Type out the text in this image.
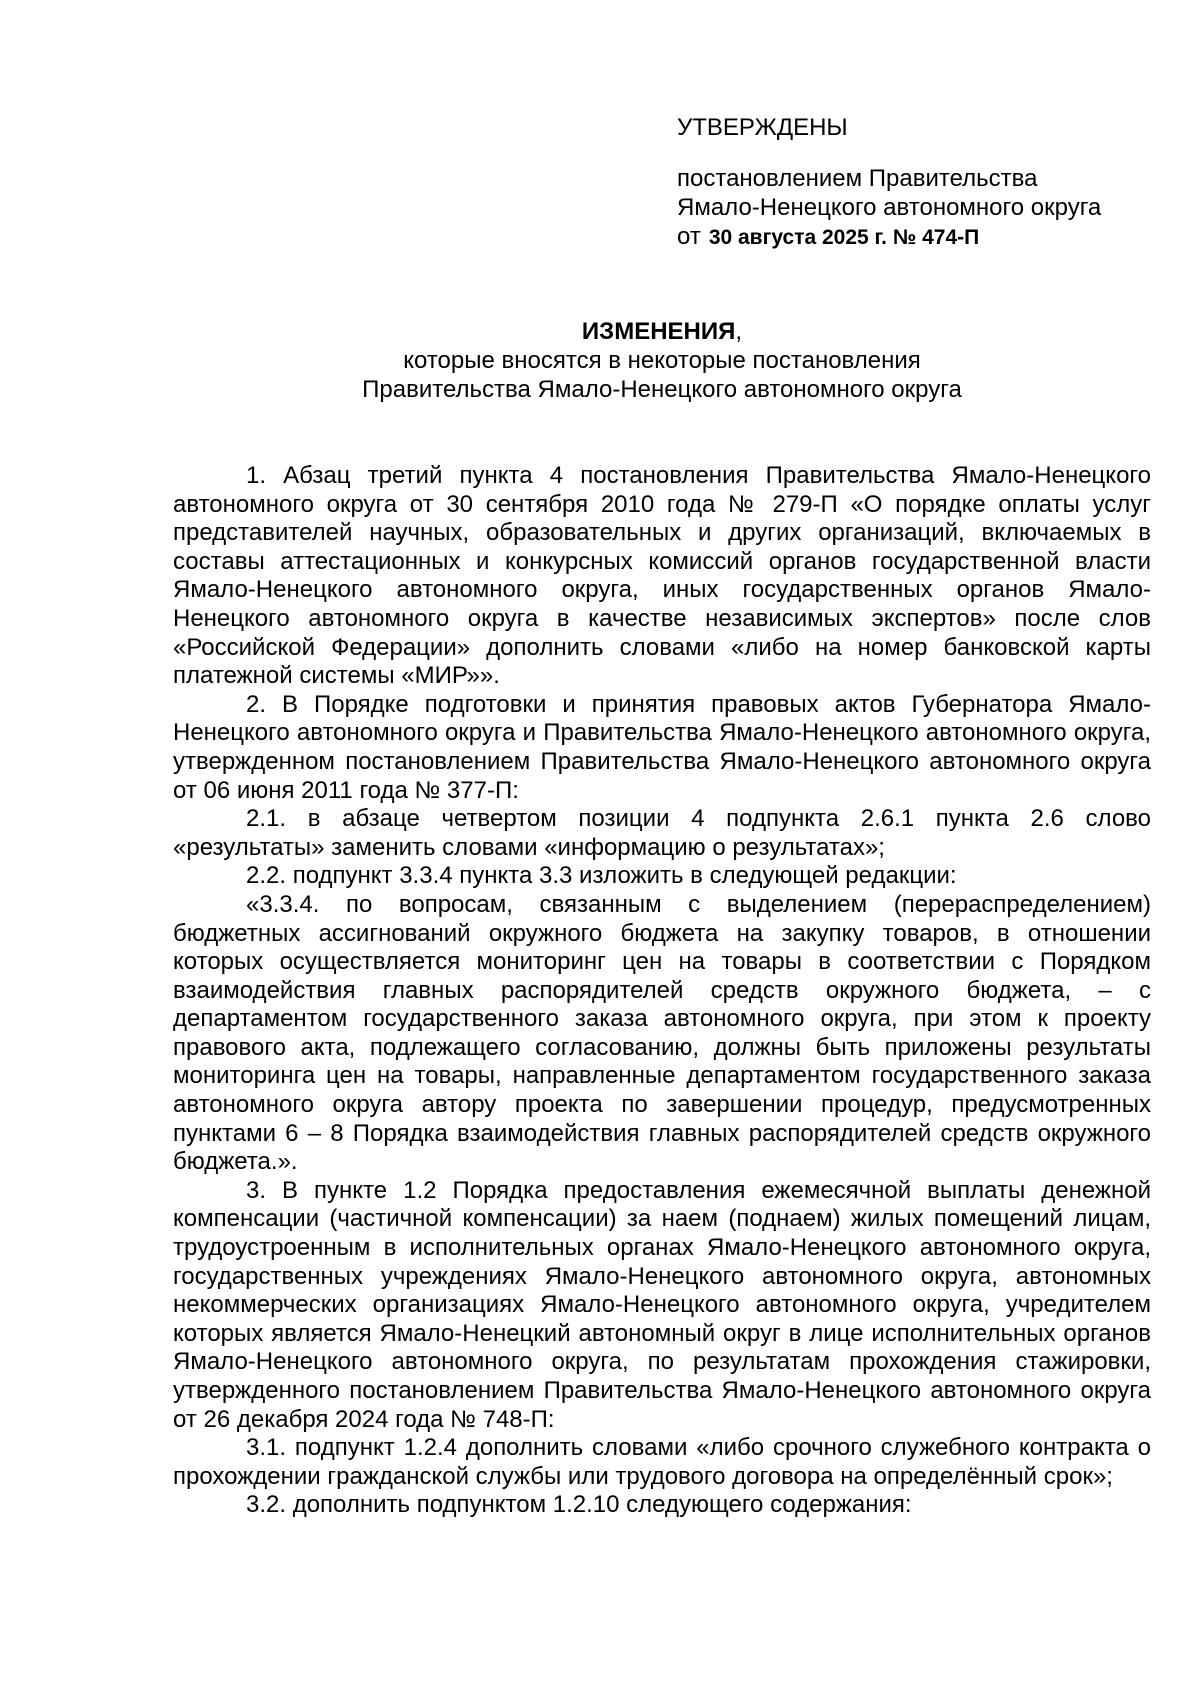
УТВЕРЖДЕНЫ
постановлением Правительства
Ямало-Ненецкого автономного округа
от 30 августа 2025 г. № 474-П
ИЗМЕНЕНИЯ,
которые вносятся в некоторые постановления
Правительства Ямало-Ненецкого автономного округа

1. Абзац третий пункта 4 постановления Правительства Ямало-Ненецкого автономного округа от 30 сентября 2010 года № 279-П «О порядке оплаты услуг представителей научных, образовательных и других организаций, включаемых в составы аттестационных и конкурсных комиссий органов государственной власти Ямало-Ненецкого автономного округа, иных государственных органов Ямало-Ненецкого автономного округа в качестве независимых экспертов» после слов «Российской Федерации» дополнить словами «либо на номер банковской карты платежной системы «МИР»».

2. В Порядке подготовки и принятия правовых актов Губернатора Ямало-Ненецкого автономного округа и Правительства Ямало-Ненецкого автономного округа, утвержденном постановлением Правительства Ямало-Ненецкого автономного округа от 06 июня 2011 года № 377-П:

2.1. в абзаце четвертом позиции 4 подпункта 2.6.1 пункта 2.6 слово «результаты» заменить словами «информацию о результатах»;

2.2. подпункт 3.3.4 пункта 3.3 изложить в следующей редакции:

«3.3.4. по вопросам, связанным с выделением (перераспределением) бюджетных ассигнований окружного бюджета на закупку товаров, в отношении которых осуществляется мониторинг цен на товары в соответствии с Порядком взаимодействия главных распорядителей средств окружного бюджета, – с департаментом государственного заказа автономного округа, при этом к проекту правового акта, подлежащего согласованию, должны быть приложены результаты мониторинга цен на товары, направленные департаментом государственного заказа автономного округа автору проекта по завершении процедур, предусмотренных пунктами 6 – 8 Порядка взаимодействия главных распорядителей средств окружного бюджета.».

3. В пункте 1.2 Порядка предоставления ежемесячной выплаты денежной компенсации (частичной компенсации) за наем (поднаем) жилых помещений лицам, трудоустроенным в исполнительных органах Ямало-Ненецкого автономного округа, государственных учреждениях Ямало-Ненецкого автономного округа, автономных некоммерческих организациях Ямало-Ненецкого автономного округа, учредителем которых является Ямало-Ненецкий автономный округ в лице исполнительных органов Ямало-Ненецкого автономного округа, по результатам прохождения стажировки, утвержденного постановлением Правительства Ямало-Ненецкого автономного округа от 26 декабря 2024 года № 748-П:

3.1. подпункт 1.2.4 дополнить словами «либо срочного служебного контракта о прохождении гражданской службы или трудового договора на определённый срок»;

3.2. дополнить подпунктом 1.2.10 следующего содержания:
